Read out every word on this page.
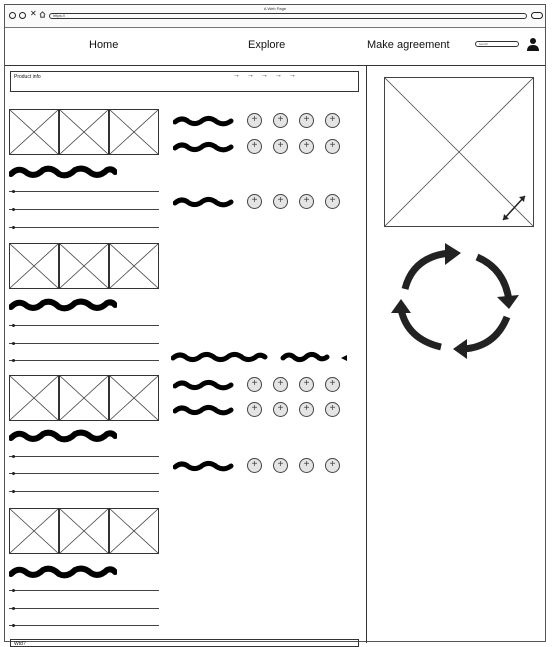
A Web Page
✕	https://
Home	Explore	Make agreement	search
Product info	→→→→→
+	+	+	+
+	+	+	+
+	+	+	+
+	+	+	+
+	+	+	+
+	+	+	+
Wtd?
